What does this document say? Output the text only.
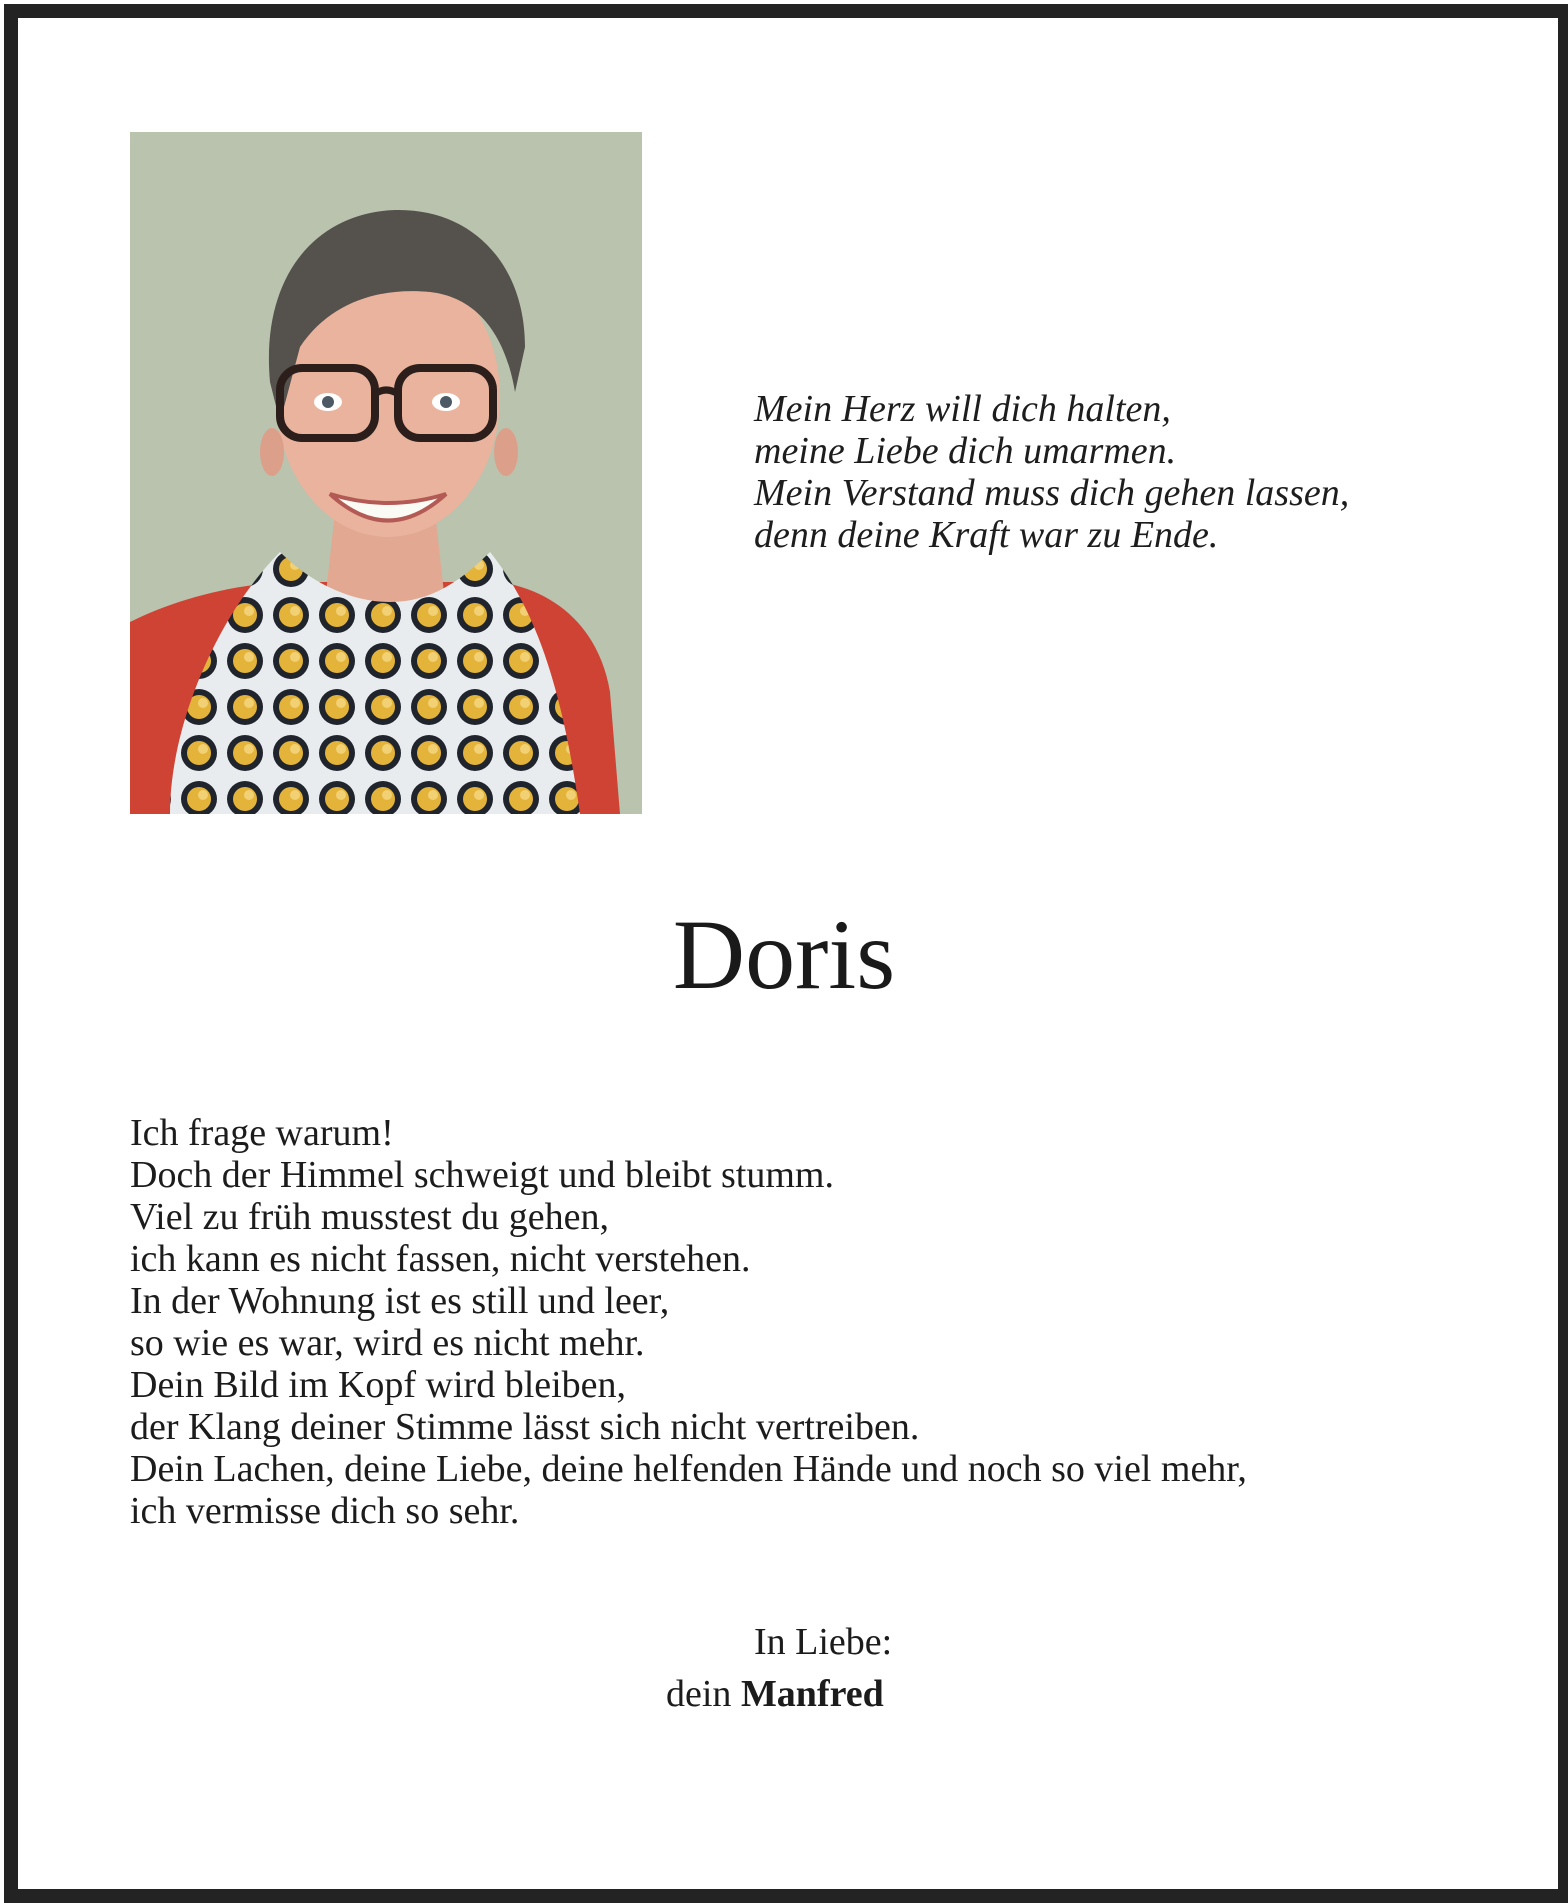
Mein Herz will dich halten,
meine Liebe dich umarmen.
Mein Verstand muss dich gehen lassen,
denn deine Kraft war zu Ende.
Doris
Ich frage warum!
Doch der Himmel schweigt und bleibt stumm.
Viel zu früh musstest du gehen,
ich kann es nicht fassen, nicht verstehen.
In der Wohnung ist es still und leer,
so wie es war, wird es nicht mehr.
Dein Bild im Kopf wird bleiben,
der Klang deiner Stimme lässt sich nicht vertreiben.
Dein Lachen, deine Liebe, deine helfenden Hände und noch so viel mehr,
ich vermisse dich so sehr.
In Liebe:
dein Manfred
